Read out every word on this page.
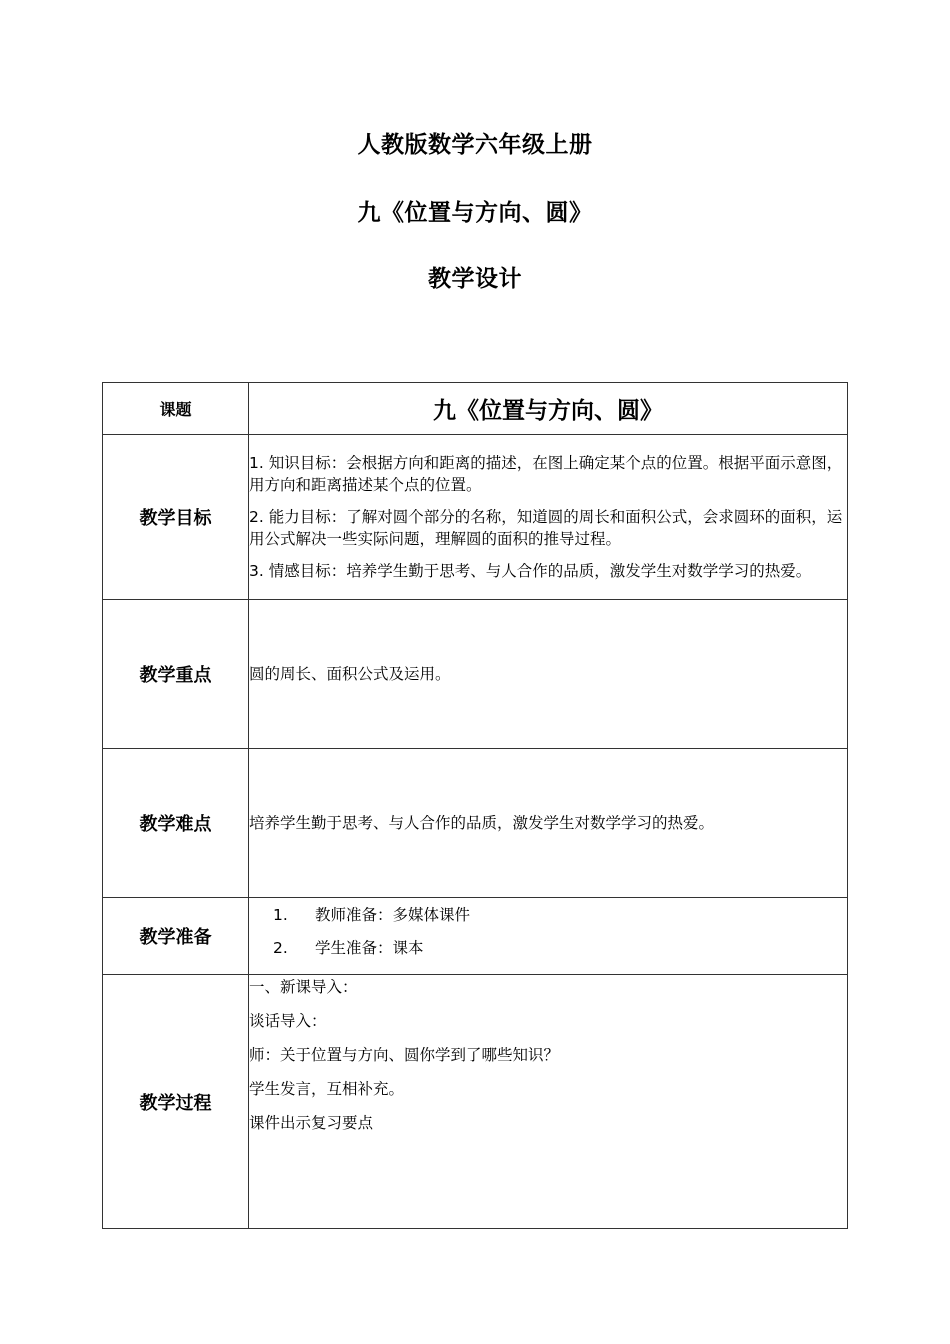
人教版数学六年级上册
九《位置与方向、圆》
教学设计
课题	九《位置与方向、圆》
教学目标	1. 知识目标：会根据方向和距离的描述，在图上确定某个点的位置。根据平面示意图，用方向和距离描述某个点的位置。
2. 能力目标：了解对圆个部分的名称，知道圆的周长和面积公式，会求圆环的面积，运用公式解决一些实际问题，理解圆的面积的推导过程。
3. 情感目标：培养学生勤于思考、与人合作的品质，激发学生对数学学习的热爱。

教学重点	圆的周长、面积公式及运用。
教学难点	培养学生勤于思考、与人合作的品质，激发学生对数学学习的热爱。
教学准备	1. 教师准备：多媒体课件
2. 学生准备：课本

教学过程	一、新课导入：
谈话导入：
师：关于位置与方向、圆你学到了哪些知识？
学生发言，互相补充。
课件出示复习要点
